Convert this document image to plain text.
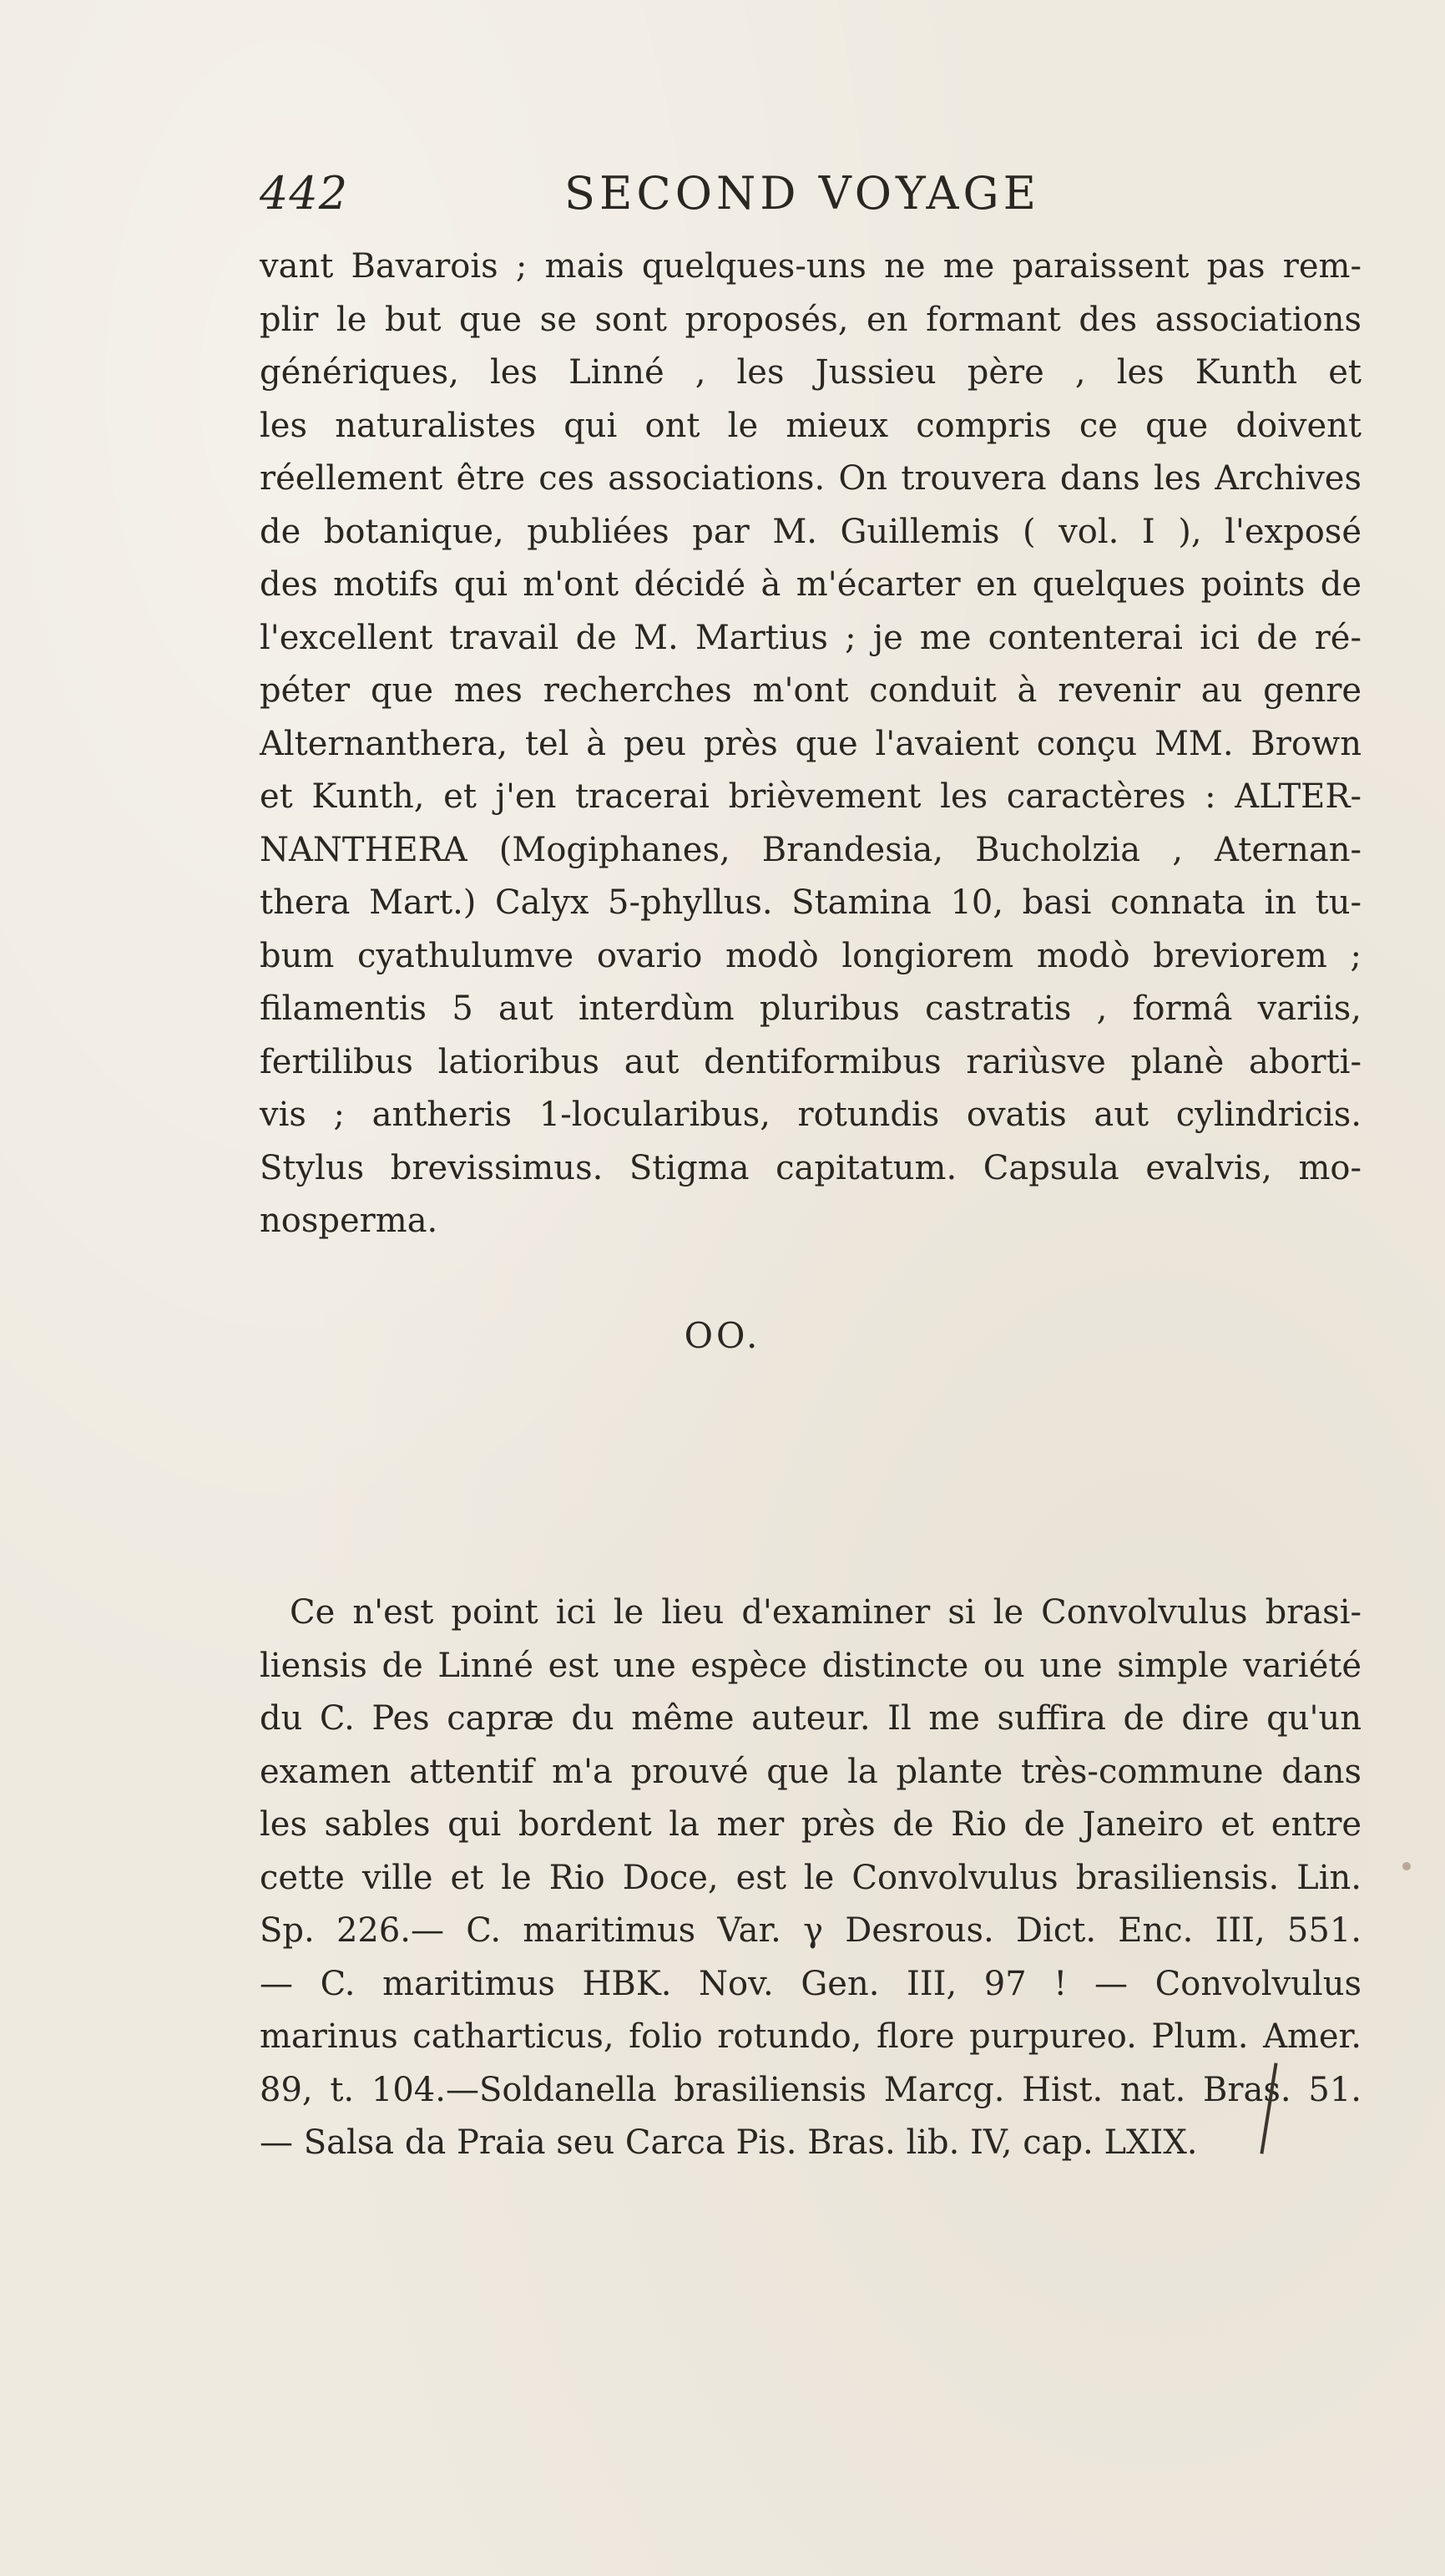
442	SECOND VOYAGE
vant Bavarois ; mais quelques-uns ne me paraissent pas rem-
plir le but que se sont proposés, en formant des associations
génériques, les Linné , les Jussieu père , les Kunth et
les naturalistes qui ont le mieux compris ce que doivent
réellement être ces associations. On trouvera dans les Archives
de botanique, publiées par M. Guillemis ( vol. I ), l'exposé
des motifs qui m'ont décidé à m'écarter en quelques points de
l'excellent travail de M. Martius ; je me contenterai ici de ré-
péter que mes recherches m'ont conduit à revenir au genre
Alternanthera, tel à peu près que l'avaient conçu MM. Brown
et Kunth, et j'en tracerai brièvement les caractères : ALTER-
NANTHERA (Mogiphanes, Brandesia, Bucholzia , Aternan-
thera Mart.) Calyx 5-phyllus. Stamina 10, basi connata in tu-
bum cyathulumve ovario modò longiorem modò breviorem ;
filamentis 5 aut interdùm pluribus castratis , formâ variis,
fertilibus latioribus aut dentiformibus rariùsve planè aborti-
vis ; antheris 1-locularibus, rotundis ovatis aut cylindricis.
Stylus brevissimus. Stigma capitatum. Capsula evalvis, mo-
nosperma.
OO.
Ce n'est point ici le lieu d'examiner si le Convolvulus brasi-
liensis de Linné est une espèce distincte ou une simple variété
du C. Pes capræ du même auteur. Il me suffira de dire qu'un
examen attentif m'a prouvé que la plante très-commune dans
les sables qui bordent la mer près de Rio de Janeiro et entre
cette ville et le Rio Doce, est le Convolvulus brasiliensis. Lin.
Sp. 226.— C. maritimus Var. γ Desrous. Dict. Enc. III, 551.
— C. maritimus HBK. Nov. Gen. III, 97 ! — Convolvulus
marinus catharticus, folio rotundo, flore purpureo. Plum. Amer.
89, t. 104.—Soldanella brasiliensis Marcg. Hist. nat. Bras. 51.
— Salsa da Praia seu Carca Pis. Bras. lib. IV, cap. LXIX.
